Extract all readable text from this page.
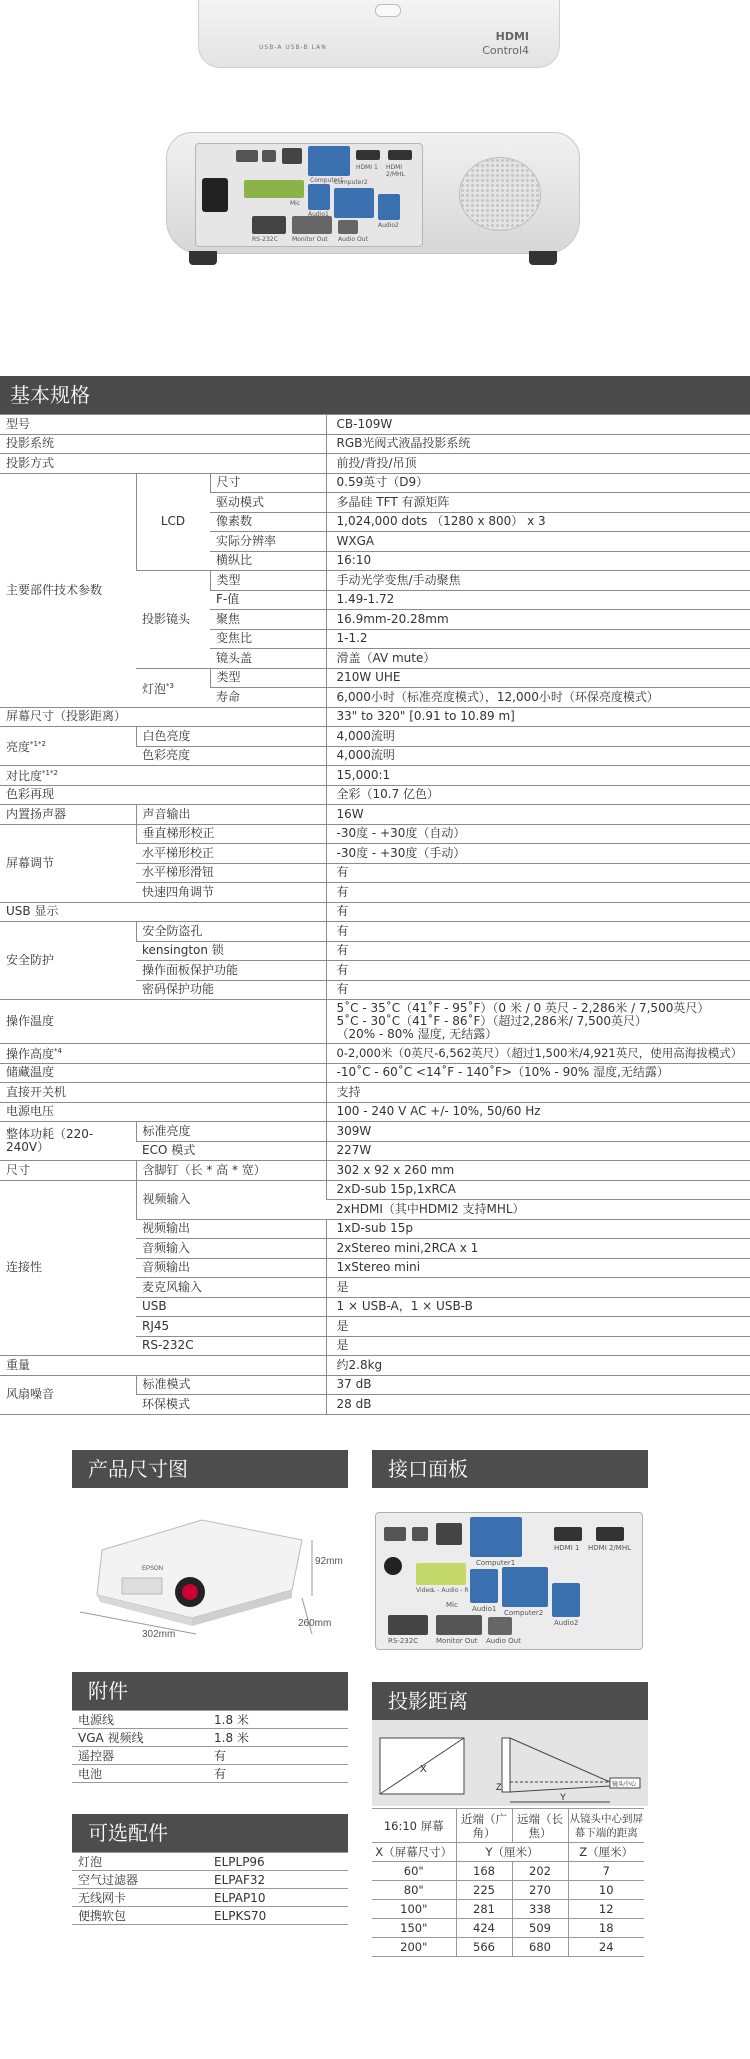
USB-A USB-B LAN
HDMI
Control4
Computer1
HDMI 1 HDMI 2/MHL
Audio1
Computer2
Audio2
Mic
RS-232C Monitor Out Audio Out
基本规格
型号			CB-109W
投影系统			RGB光阀式液晶投影系统
投影方式			前投/背投/吊顶
主要部件技术参数	LCD	尺寸	0.59英寸（D9）
		驱动模式	多晶硅 TFT 有源矩阵
		像素数	1,024,000 dots （1280 x 800） x 3
		实际分辨率	WXGA
		横纵比	16:10
	投影镜头	类型	手动光学变焦/手动聚焦
		F-值	1.49-1.72
		聚焦	16.9mm-20.28mm
		变焦比	1-1.2
		镜头盖	滑盖（AV mute）
	灯泡$^{*3}$	类型	210W UHE
		寿命	6,000小时（标准亮度模式），12,000小时（环保亮度模式）
屏幕尺寸（投影距离）			33" to 320" [0.91 to 10.89 m]
亮度$^{*1*2}$	白色亮度		4,000流明
	色彩亮度		4,000流明
对比度$^{*1*2}$			15,000:1
色彩再现			全彩（10.7 亿色）
内置扬声器	声音输出		16W
屏幕调节	垂直梯形校正		-30度 - +30度（自动）
	水平梯形校正		-30度 - +30度（手动）
	水平梯形滑钮		有
	快速四角调节		有
USB 显示			有
安全防护	安全防盗孔		有
	kensington 锁		有
	操作面板保护功能		有
	密码保护功能		有
操作温度			5˚C - 35˚C（41˚F - 95˚F）（0 米 / 0 英尺 - 2,286米 / 7,500英尺）
5˚C - 30˚C（41˚F - 86˚F）（超过2,286米/ 7,500英尺）
（20% - 80% 湿度, 无结露）
操作高度$^{*4}$			0-2,000米（0英尺-6,562英尺）（超过1,500米/4,921英尺，使用高海拔模式）
储藏温度			-10˚C - 60˚C <14˚F - 140˚F>（10% - 90% 湿度,无结露）
直接开关机			支持
电源电压			100 - 240 V AC +/- 10%, 50/60 Hz
整体功耗（220-240V）	标准亮度		309W
	ECO 模式		227W
尺寸	含脚钉（长 * 高 * 宽）		302 x 92 x 260 mm
连接性	视频输入		2xD-sub 15p,1xRCA
			2xHDMI（其中HDMI2 支持MHL）
	视频输出		1xD-sub 15p
	音频输入		2xStereo mini,2RCA x 1
	音频输出		1xStereo mini
	麦克风输入		是
	USB		1 × USB-A，1 × USB-B
	RJ45		是
	RS-232C		是
重量			约2.8kg
风扇噪音	标准模式		37 dB
	环保模式		28 dB
产品尺寸图
EPSON
302mm
92mm
260mm
接口面板
Computer1
HDMI 1 HDMI 2/MHL
Video L - Audio - R
Audio1 Computer2
Audio2
Mic
RS-232C	Monitor Out Audio Out
附件
电源线	1.8 米
VGA 视频线	1.8 米
遥控器	有
电池	有
可选配件
灯泡	ELPLP96
空气过滤器	ELPAF32
无线网卡	ELPAP10
便携软包	ELPKS70
投影距离
X
镜头中心
Z
Y
16:10 屏幕	近端（广角）	远端（长焦）	从镜头中心到屏幕下端的距离
X（屏幕尺寸）	Y（厘米）		Z（厘米）
60"	168	202	7
80"	225	270	10
100"	281	338	12
150"	424	509	18
200"	566	680	24
